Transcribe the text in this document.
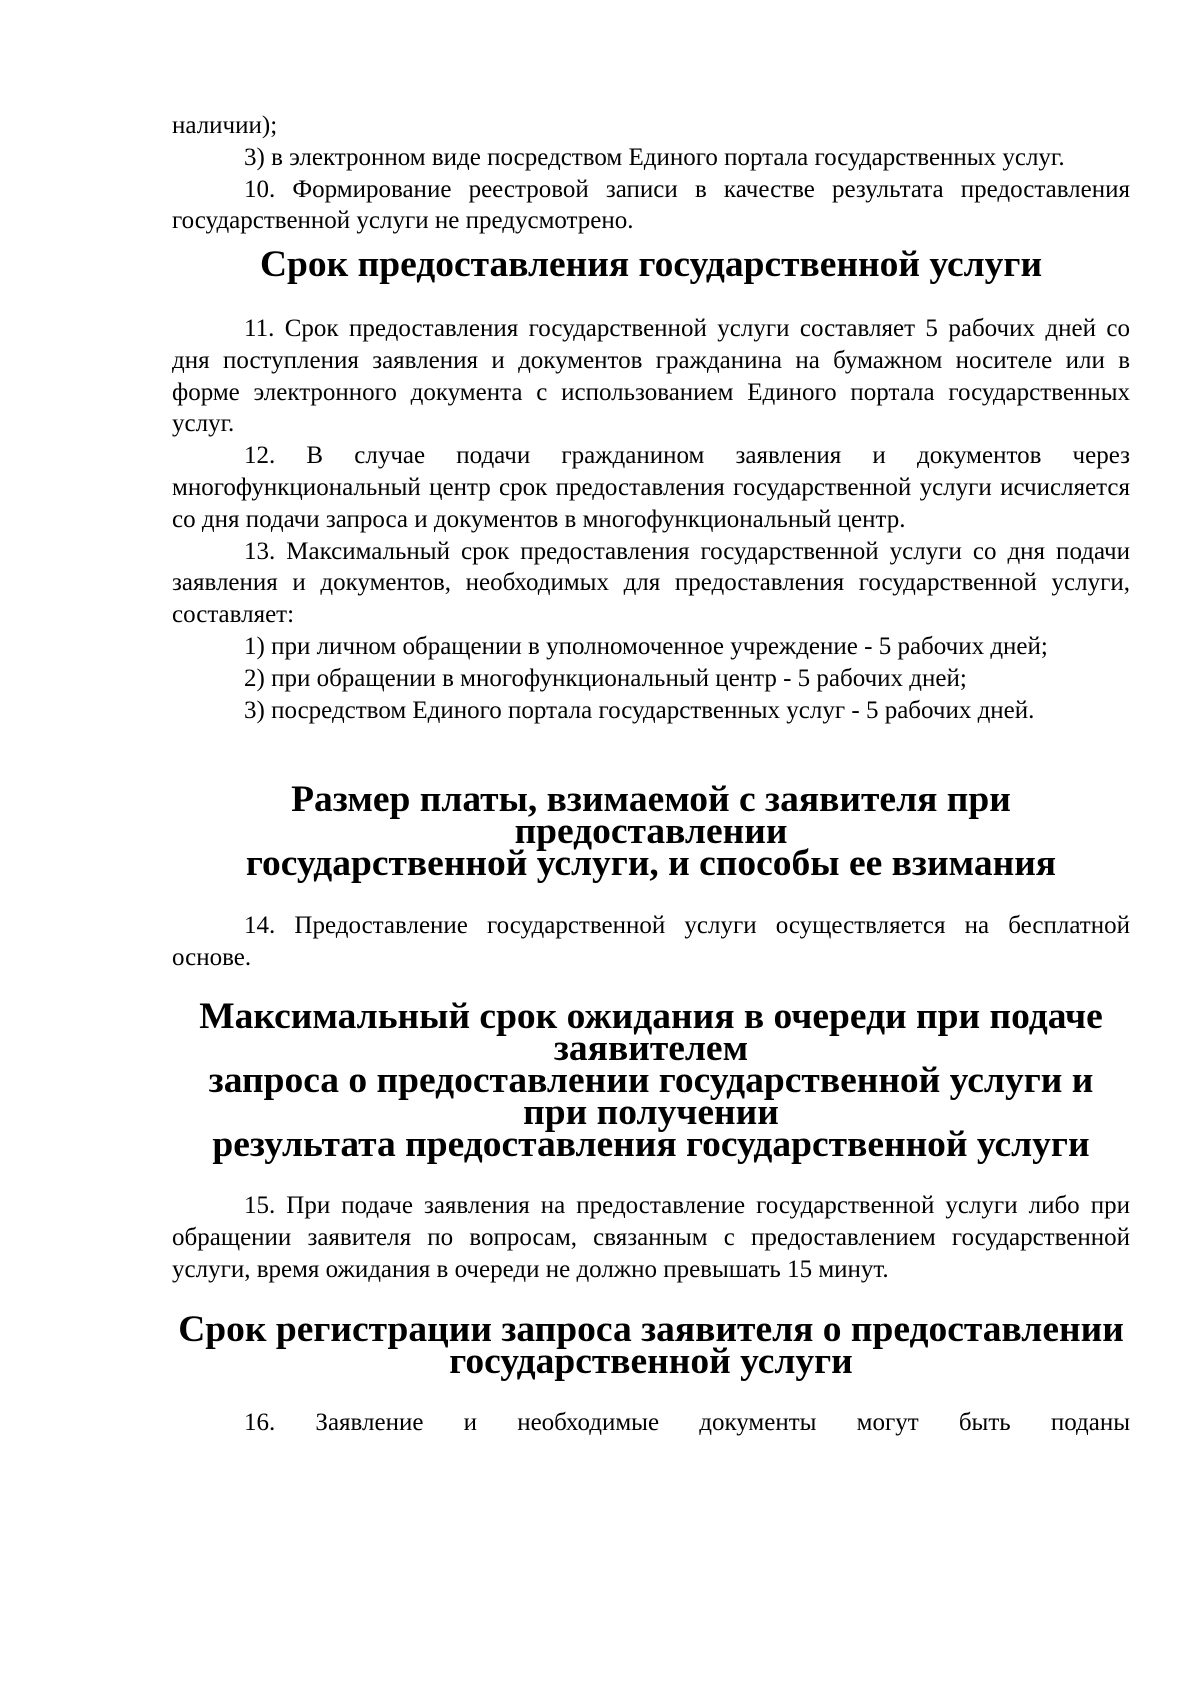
наличии);

3) в электронном виде посредством Единого портала государственных услуг.

10. Формирование реестровой записи в качестве результата предоставления государственной услуги не предусмотрено.

Срок предоставления государственной услуги

11. Срок предоставления государственной услуги составляет 5 рабочих дней со дня поступления заявления и документов гражданина на бумажном носителе или в форме электронного документа с использованием Единого портала государственных услуг.

12. В случае подачи гражданином заявления и документов через многофункциональный центр срок предоставления государственной услуги исчисляется со дня подачи запроса и документов в многофункциональный центр.

13. Максимальный срок предоставления государственной услуги со дня подачи заявления и документов, необходимых для предоставления государственной услуги, составляет:

1) при личном обращении в уполномоченное учреждение - 5 рабочих дней;

2) при обращении в многофункциональный центр - 5 рабочих дней;

3) посредством Единого портала государственных услуг - 5 рабочих дней.

Размер платы, взимаемой с заявителя при предоставлении
государственной услуги, и способы ее взимания

14. Предоставление государственной услуги осуществляется на бесплатной основе.

Максимальный срок ожидания в очереди при подаче заявителем
запроса о предоставлении государственной услуги и при получении
результата предоставления государственной услуги

15. При подаче заявления на предоставление государственной услуги либо при обращении заявителя по вопросам, связанным с предоставлением государственной услуги, время ожидания в очереди не должно превышать 15 минут.

Срок регистрации запроса заявителя о предоставлении
государственной услуги

16. Заявление и необходимые документы могут быть поданы
